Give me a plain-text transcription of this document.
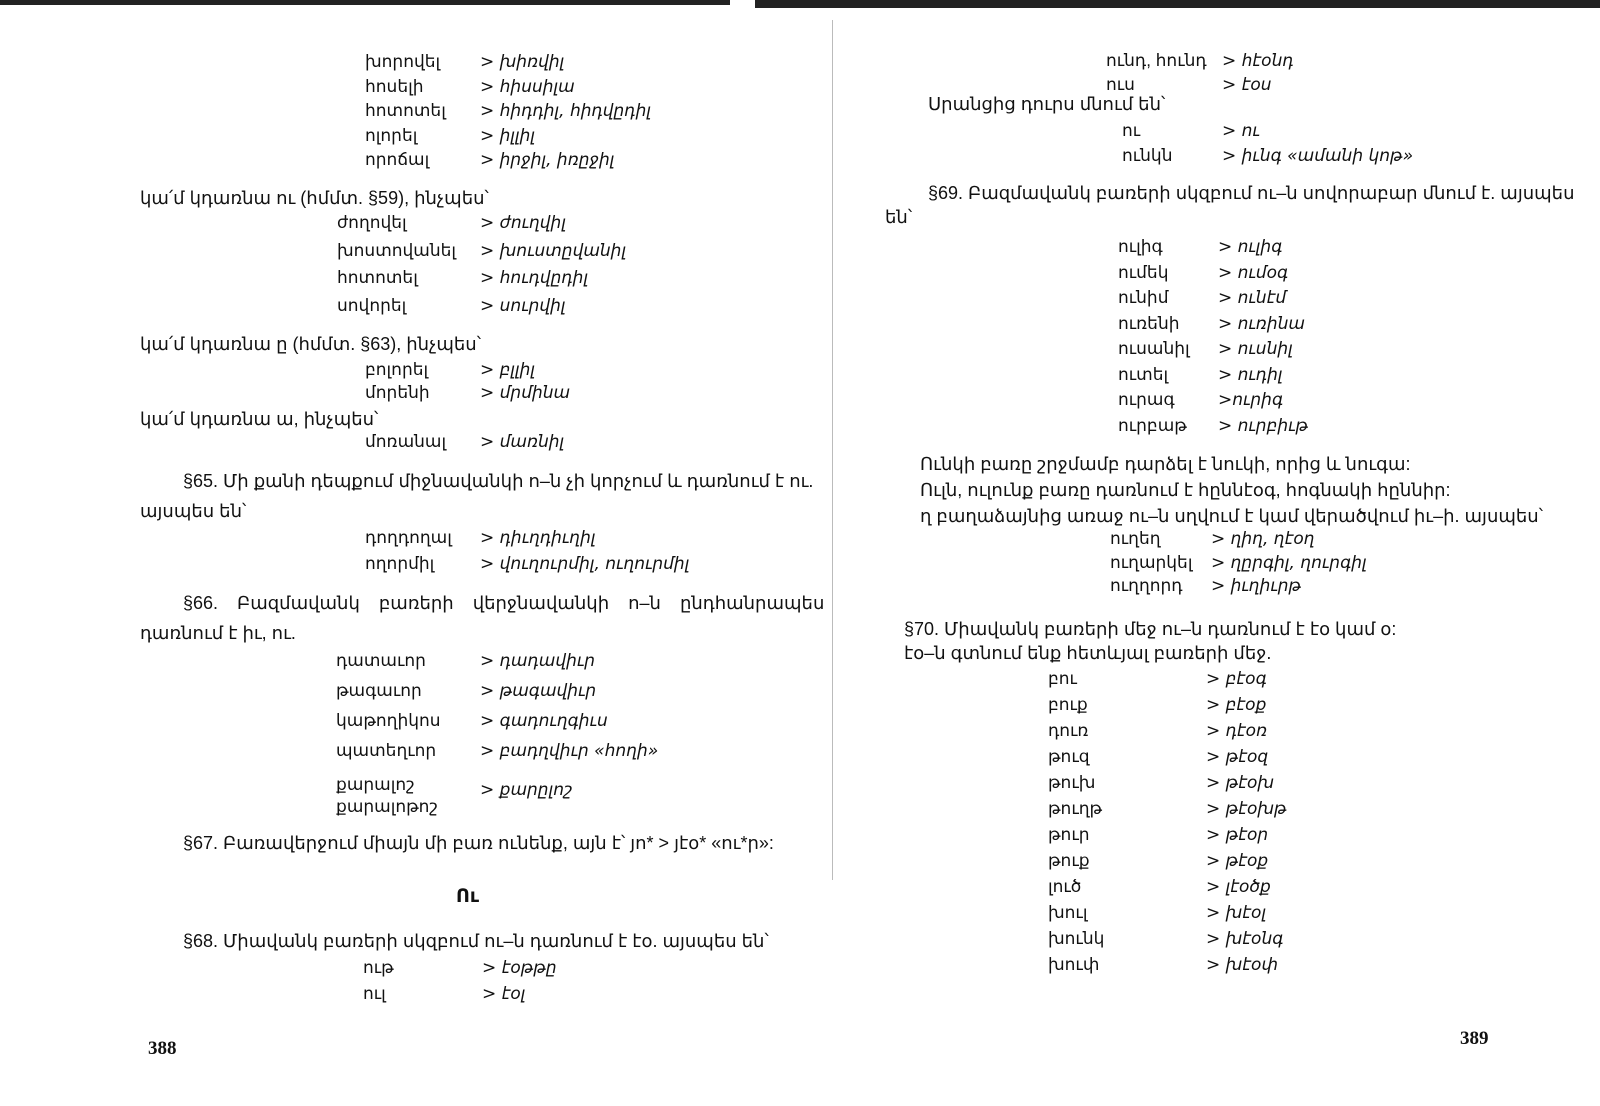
խորովել > խիռվիլ
հոսելի	> հիսսիլա
հոտոտել > հիդդիլ, հիդվըդիլ
ոլորել	> իլլիլ
որոճալ	> իրջիլ, իռըջիլ
կա՛մ կդառնա ու (հմմտ. §59), ինչպես՝
ժողովել	> ժուղվիլ
խոստովանել > խուստըվանիլ
հոտոտել	> հուդվըդիլ
սովորել	> սուրվիլ
կա՛մ կդառնա ը (հմմտ. §63), ինչպես՝
բոլորել	> բլլիլ
մորենի	> մրմինա
կա՛մ կդառնա ա, ինչպես՝
մոռանալ > մառնիլ
§65. Մի քանի դեպքում միջնավանկի ո–ն չի կորչում և դառնում է ու.
այսպես են՝
դողդողալ > դիւղդիւղիլ
ողորմիլ	> վուղուրմիլ, ուղուրմիլ
§66. Բազմավանկ բառերի վերջնավանկի ո–ն ընդհանրապես
դառնում է իւ, ու.
դատաւոր	> դադավիւր
թագաւոր	> թագավիւր
կաթողիկոս > գադուղգիւս
պատեղւոր	> բադղվիւր «հողի»
քարալոշ
քարալոթոշ
> քարըլոշ
§67. Բառավերջում միայն մի բառ ունենք, այն է՝ յո* > յէօ* «ու*ր»:
Ու
§68. Միավանկ բառերի սկզբում ու–ն դառնում է էօ. այսպես են՝
ութ	> էօթթը
ուլ	> էօլ
388
ունդ, հունդ > հէօնդ
ուս	> էօս
Սրանցից դուրս մնում են՝
ու	> ու
ունկն	> իւնգ «ամանի կոթ»
§69. Բազմավանկ բառերի սկզբում ու–ն սովորաբար մնում է. այսպես
են՝
ուլիգ	> ուլիգ
ումեկ	> ումօգ
ունիմ	> ունէմ
ուռենի > ուռինա
ուսանիլ > ուսնիլ
ուտել	> ուդիլ
ուրագ	>ուրիգ
ուրբաթ > ուրբիւթ
Ունկի բառը շրջմամբ դարձել է նուկի, որից և նուգա:
Ուլն, ուլունք բառը դառնում է հըննէօգ, հոգնակի հըննիր:
ղ բաղաձայնից առաջ ու–ն սղվում է կամ վերածվում իւ–ի. այսպես՝
ուղեղ	> ղիղ, ղէօղ
ուղարկել > ղըրգիլ, ղուրգիլ
ուղղորդ > իւղիւրթ
§70. Միավանկ բառերի մեջ ու–ն դառնում է էօ կամ օ:
էօ–ն գտնում ենք հետևյալ բառերի մեջ.
բու	> բէօգ
բուք	> բէօք
դուռ	> դէօռ
թուզ	> թէօզ
թուխ	> թէօխ
թուղթ	> թէօխթ
թուր	> թէօր
թուք	> թէօք
լուծ	> լէօծք
խուլ	> խէօլ
խունկ	> խէօնգ
խուփ	> խէօփ
389
